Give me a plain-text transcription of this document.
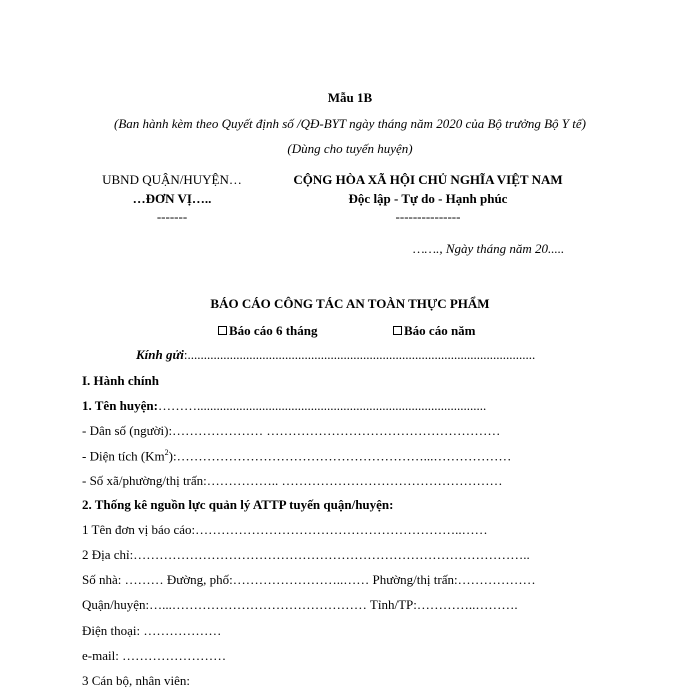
Mẫu 1B
(Ban hành kèm theo Quyết định số /QĐ-BYT ngày tháng năm 2020 của Bộ trưởng Bộ Y tế)
(Dùng cho tuyến huyện)
UBND QUẬN/HUYỆN…
…ĐƠN VỊ…..
-------
CỘNG HÒA XÃ HỘI CHỦ NGHĨA VIỆT NAM
Độc lập - Tự do - Hạnh phúc
---------------
……., Ngày tháng năm 20.....
BÁO CÁO CÔNG TÁC AN TOÀN THỰC PHẨM
Báo cáo 6 tháng	Báo cáo năm
Kính gửi:...........................................................................................................
I. Hành chính
1. Tên huyện:……….........................................................................................
- Dân số (người):………………… ………………………………………………
- Diện tích (Km$^2$):…………………………………………………...………………
- Số xã/phường/thị trấn:…………….. ……………………………………………
2. Thống kê nguồn lực quản lý ATTP tuyến quận/huyện:
1 Tên đơn vị báo cáo:……………………………………………………..……
2 Địa chỉ:………………………………………………………………………………..
Số nhà: ……… Đường, phố:……………………..…… Phường/thị trấn:………………
Quận/huyện:…...……………………………………… Tỉnh/TP:…………..……….
Điện thoại: ………………
e-mail: ……………………
3 Cán bộ, nhân viên:
